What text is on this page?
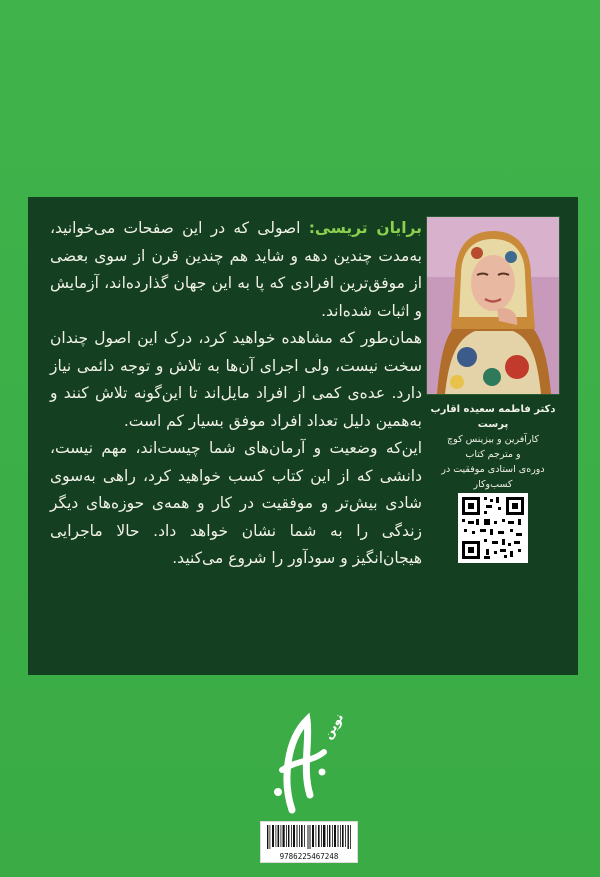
برایان تریسی: اصولی که در این صفحات می‌خوانید، به‌مدت چندین دهه و شاید هم چندین قرن از سوی بعضی از موفق‌ترین افرادی که پا به این جهان گذارده‌اند، آزمایش و اثبات شده‌اند.

همان‌طور که مشاهده خواهید کرد، درک این اصول چندان سخت نیست، ولی اجرای آن‌ها به تلاش و توجه دائمی نیاز دارد. عده‌ی کمی از افراد مایل‌اند تا این‌گونه تلاش کنند و به‌همین دلیل تعداد افراد موفق بسیار کم است.

این‌که وضعیت و آرمان‌های شما چیست‌اند، مهم نیست، دانشی که از این کتاب کسب خواهید کرد، راهی به‌سوی شادی بیش‌تر و موفقیت در کار و همه‌ی حوزه‌های دیگر زندگی را به شما نشان خواهد داد. حالا ماجرایی هیجان‌انگیز و سودآور را شروع می‌کنید.

دکتر فاطمه سعیده اقارب پرست
کارآفرین و بیزینس کوچ
و مترجم کتاب
دوره‌ی استادی موفقیت در
کسب‌وکار
نوین
9786225467248
